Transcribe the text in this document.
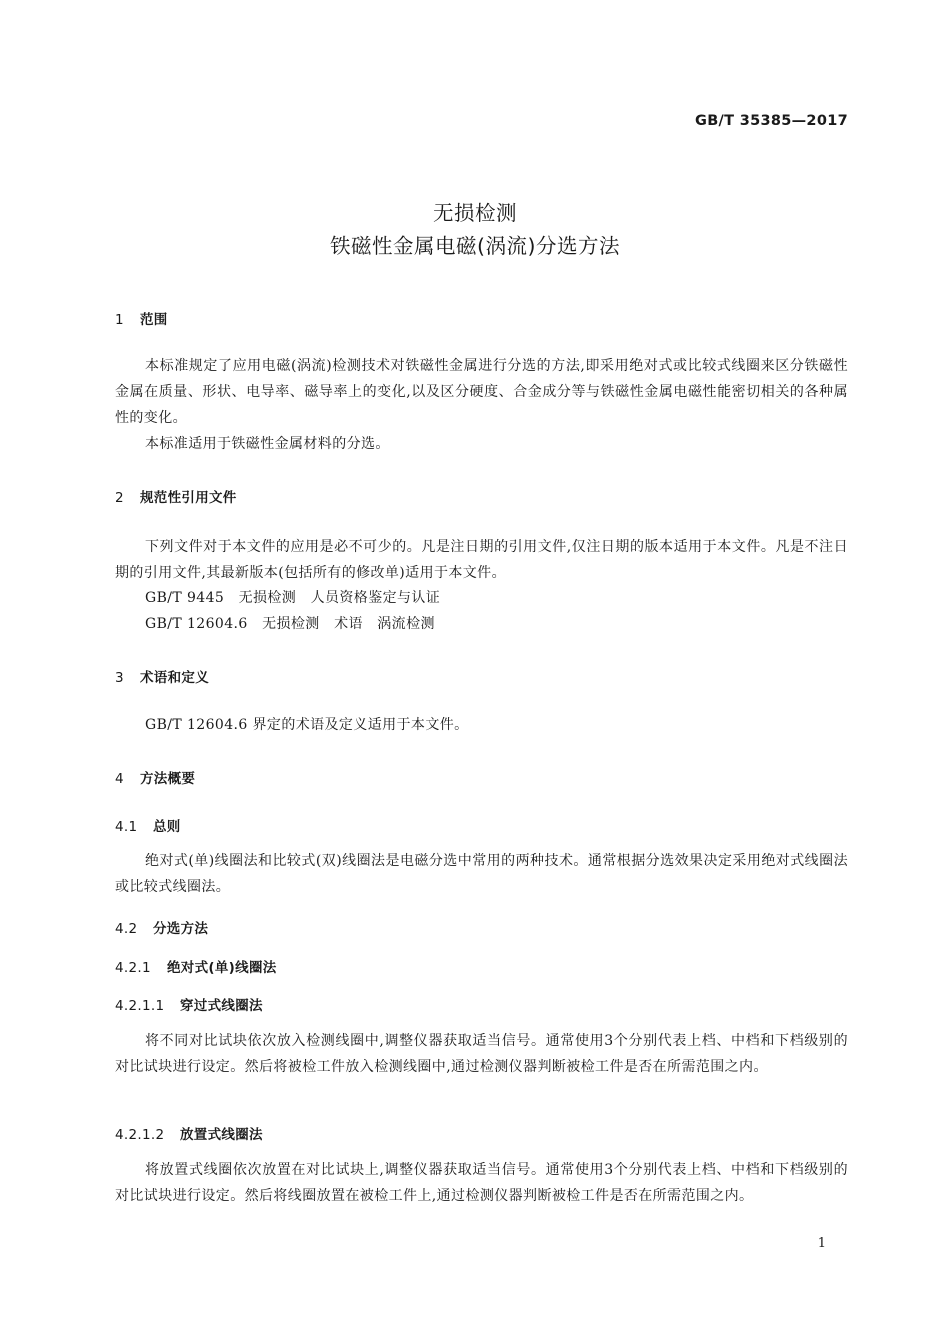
GB/T 35385—2017
无损检测
铁磁性金属电磁(涡流)分选方法
1 范围
本标准规定了应用电磁(涡流)检测技术对铁磁性金属进行分选的方法,即采用绝对式或比较式线圈来区分铁磁性金属在质量、形状、电导率、磁导率上的变化,以及区分硬度、合金成分等与铁磁性金属电磁性能密切相关的各种属性的变化。
本标准适用于铁磁性金属材料的分选。
2 规范性引用文件
下列文件对于本文件的应用是必不可少的。凡是注日期的引用文件,仅注日期的版本适用于本文件。凡是不注日期的引用文件,其最新版本(包括所有的修改单)适用于本文件。
GB/T 9445　无损检测　人员资格鉴定与认证
GB/T 12604.6　无损检测　术语　涡流检测
3 术语和定义
GB/T 12604.6 界定的术语及定义适用于本文件。
4 方法概要
4.1 总则
绝对式(单)线圈法和比较式(双)线圈法是电磁分选中常用的两种技术。通常根据分选效果决定采用绝对式线圈法或比较式线圈法。
4.2 分选方法
4.2.1 绝对式(单)线圈法
4.2.1.1 穿过式线圈法
将不同对比试块依次放入检测线圈中,调整仪器获取适当信号。通常使用3个分别代表上档、中档和下档级别的对比试块进行设定。然后将被检工件放入检测线圈中,通过检测仪器判断被检工件是否在所需范围之内。
4.2.1.2 放置式线圈法
将放置式线圈依次放置在对比试块上,调整仪器获取适当信号。通常使用3个分别代表上档、中档和下档级别的对比试块进行设定。然后将线圈放置在被检工件上,通过检测仪器判断被检工件是否在所需范围之内。
1
